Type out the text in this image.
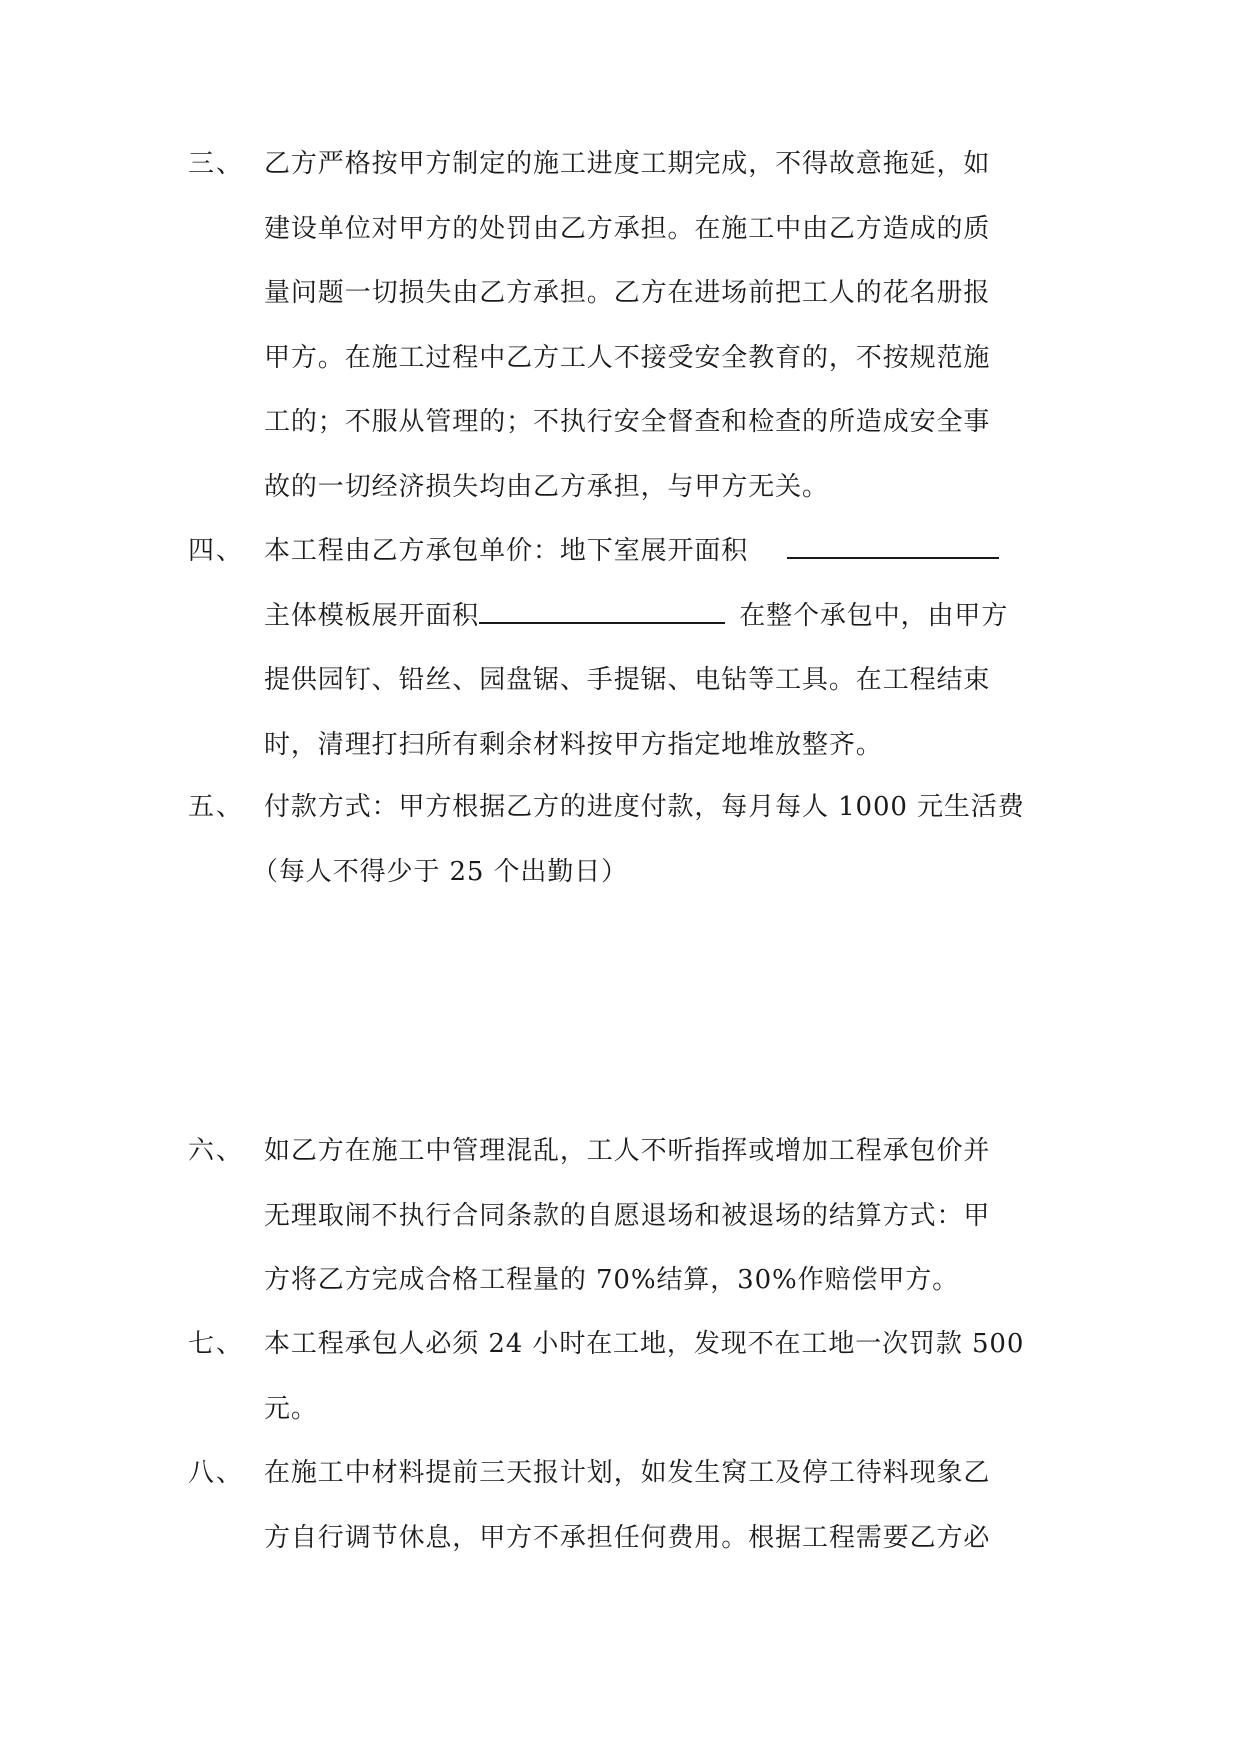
三、 乙方严格按甲方制定的施工进度工期完成，不得故意拖延，如
建设单位对甲方的处罚由乙方承担。在施工中由乙方造成的质
量问题一切损失由乙方承担。乙方在进场前把工人的花名册报
甲方。在施工过程中乙方工人不接受安全教育的，不按规范施
工的；不服从管理的；不执行安全督查和检查的所造成安全事
故的一切经济损失均由乙方承担，与甲方无关。
四、 本工程由乙方承包单价：地下室展开面积
主体模板展开面积	在整个承包中，由甲方
提供园钉、铅丝、园盘锯、手提锯、电钻等工具。在工程结束
时，清理打扫所有剩余材料按甲方指定地堆放整齐。
五、 付款方式：甲方根据乙方的进度付款，每月每人 1000 元生活费
（每人不得少于 25 个出勤日）
六、 如乙方在施工中管理混乱，工人不听指挥或增加工程承包价并
无理取闹不执行合同条款的自愿退场和被退场的结算方式：甲
方将乙方完成合格工程量的 70%结算，30%作赔偿甲方。
七、 本工程承包人必须 24 小时在工地，发现不在工地一次罚款 500
元。
八、 在施工中材料提前三天报计划，如发生窝工及停工待料现象乙
方自行调节休息，甲方不承担任何费用。根据工程需要乙方必
